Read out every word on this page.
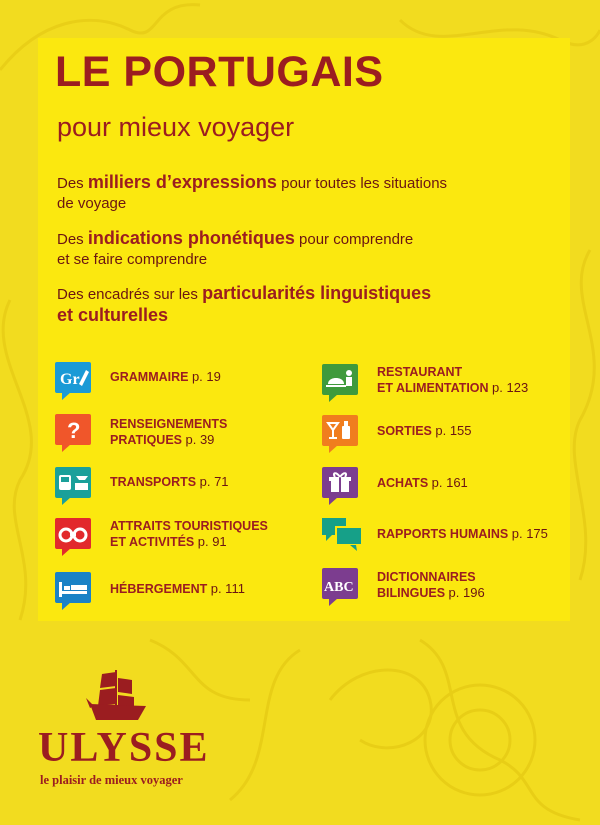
LE PORTUGAIS
pour mieux voyager
Des milliers d’expressions pour toutes les situations
de voyage
Des indications phonétiques pour comprendre
et se faire comprendre
Des encadrés sur les particularités linguistiques
et culturelles
Gr GRAMMAIRE p. 19
? RENSEIGNEMENTS
PRATIQUES p. 39
TRANSPORTS p. 71
ATTRAITS TOURISTIQUES
ET ACTIVITÉS p. 91
HÉBERGEMENT p. 111
RESTAURANT
ET ALIMENTATION p. 123
SORTIES p. 155
ACHATS p. 161
RAPPORTS HUMAINS p. 175
ABC
DICTIONNAIRES
BILINGUES p. 196
ULYSSE
le plaisir de mieux voyager
